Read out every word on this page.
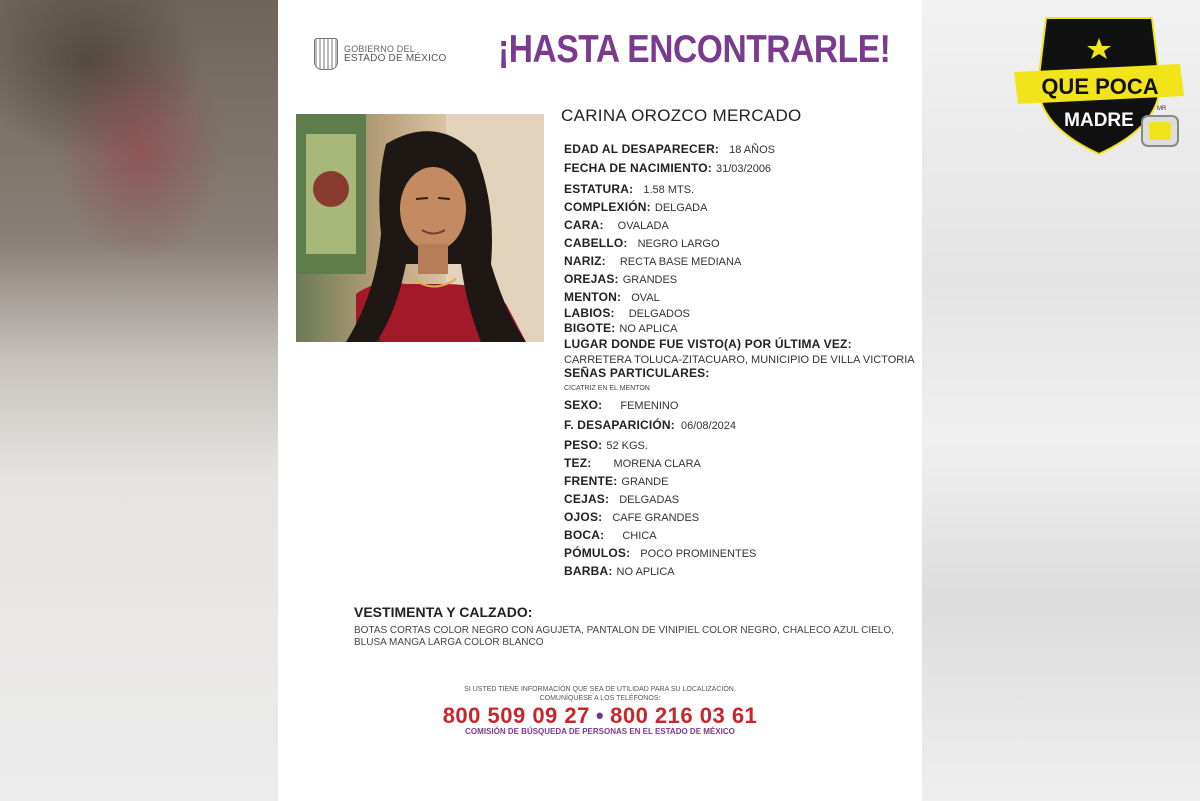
GOBIERNO DEL
ESTADO DE MÉXICO ¡HASTA ENCONTRARLE!
CARINA OROZCO MERCADO
EDAD AL DESAPARECER: 18 AÑOS
FECHA DE NACIMIENTO: 31/03/2006
ESTATURA: 1.58 MTS.
COMPLEXIÓN: DELGADA
CARA: OVALADA
CABELLO: NEGRO LARGO
NARIZ: RECTA BASE MEDIANA
OREJAS: GRANDES
MENTON: OVAL
LABIOS: DELGADOS
BIGOTE: NO APLICA
LUGAR DONDE FUE VISTO(A) POR ÚLTIMA VEZ:
CARRETERA TOLUCA-ZITACUARO, MUNICIPIO DE VILLA VICTORIA
SEÑAS PARTICULARES:
CICATRIZ EN EL MENTON
SEXO: FEMENINO
F. DESAPARICIÓN: 06/08/2024
PESO: 52 KGS.
TEZ: MORENA CLARA
FRENTE: GRANDE
CEJAS: DELGADAS
OJOS: CAFE GRANDES
BOCA: CHICA
PÓMULOS: POCO PROMINENTES
BARBA: NO APLICA
VESTIMENTA Y CALZADO:
BOTAS CORTAS COLOR NEGRO CON AGUJETA, PANTALON DE VINIPIEL COLOR NEGRO, CHALECO AZUL CIELO,
BLUSA MANGA LARGA COLOR BLANCO
SI USTED TIENE INFORMACIÓN QUE SEA DE UTILIDAD PARA SU LOCALIZACIÓN,
COMUNÍQUESE A LOS TELÉFONOS:
800 509 09 27 • 800 216 03 61
COMISIÓN DE BÚSQUEDA DE PERSONAS EN EL ESTADO DE MÉXICO
QUE POCA
MADRE
MR
